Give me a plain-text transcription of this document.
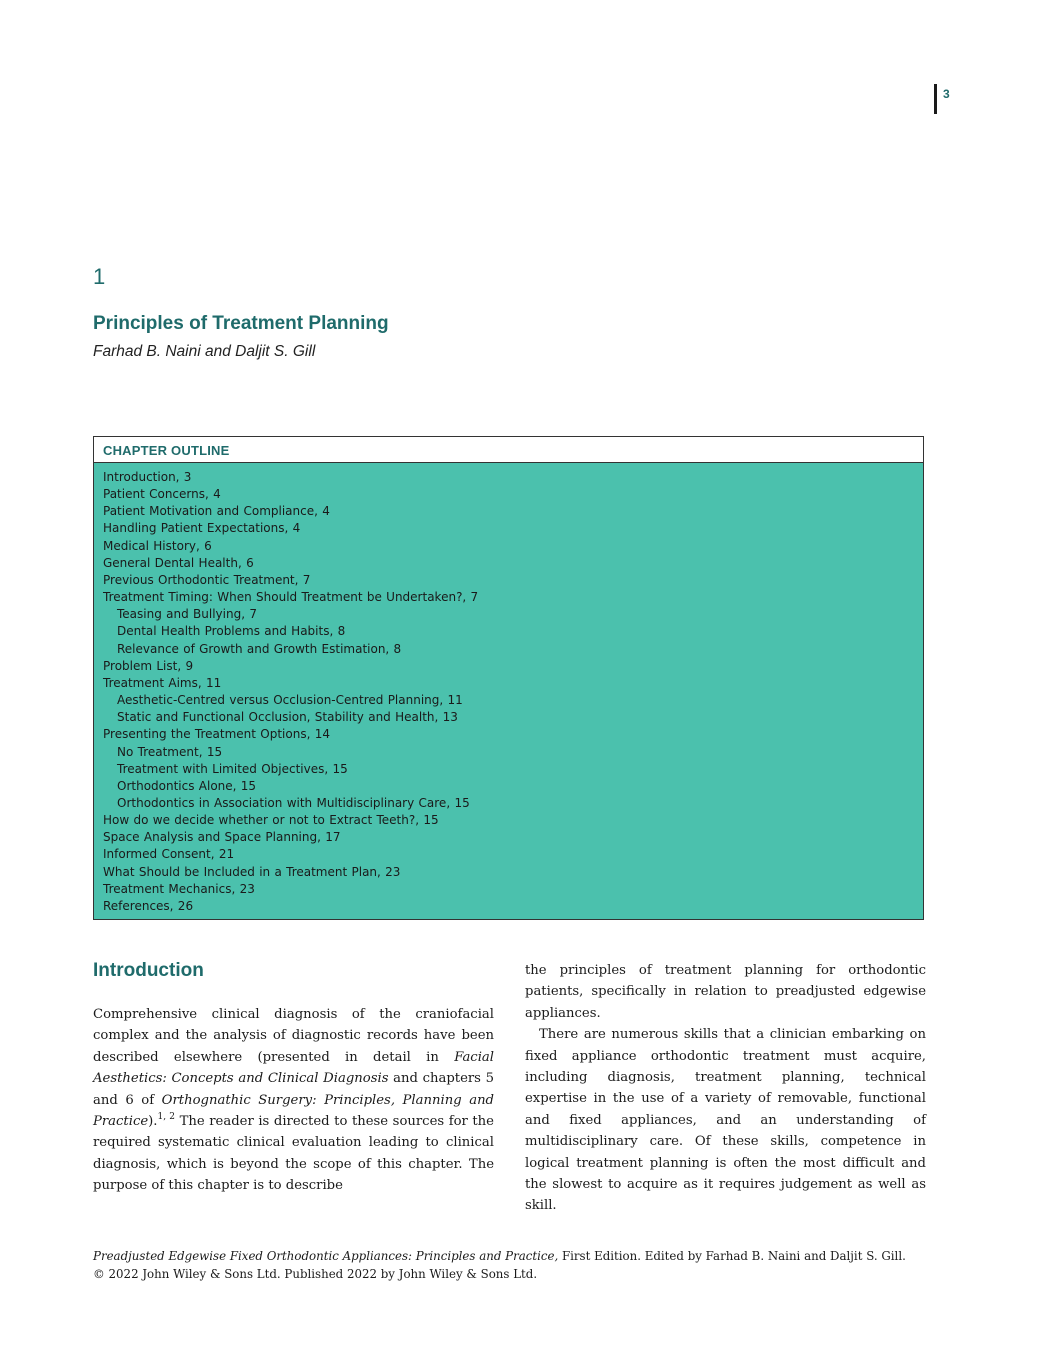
3
1
Principles of Treatment Planning
Farhad B. Naini and Daljit S. Gill
CHAPTER OUTLINE
Introduction, 3
Patient Concerns, 4
Patient Motivation and Compliance, 4
Handling Patient Expectations, 4
Medical History, 6
General Dental Health, 6
Previous Orthodontic Treatment, 7
Treatment Timing: When Should Treatment be Undertaken?, 7
Teasing and Bullying, 7
Dental Health Problems and Habits, 8
Relevance of Growth and Growth Estimation, 8
Problem List, 9
Treatment Aims, 11
Aesthetic-Centred versus Occlusion-Centred Planning, 11
Static and Functional Occlusion, Stability and Health, 13
Presenting the Treatment Options, 14
No Treatment, 15
Treatment with Limited Objectives, 15
Orthodontics Alone, 15
Orthodontics in Association with Multidisciplinary Care, 15
How do we decide whether or not to Extract Teeth?, 15
Space Analysis and Space Planning, 17
Informed Consent, 21
What Should be Included in a Treatment Plan, 23
Treatment Mechanics, 23
References, 26
Introduction

Comprehensive clinical diagnosis of the craniofacial complex and the analysis of diagnostic records have been described elsewhere (presented in detail in Facial Aesthetics: Concepts and Clinical Diagnosis and chapters 5 and 6 of Orthognathic Surgery: Principles, Planning and Practice).$^{1, 2}$ The reader is directed to these sources for the required systematic clinical evaluation leading to clinical diagnosis, which is beyond the scope of this chapter. The purpose of this chapter is to describe

the principles of treatment planning for orthodontic patients, specifically in relation to preadjusted edgewise appliances.

There are numerous skills that a clinician embarking on fixed appliance orthodontic treatment must acquire, including diagnosis, treatment planning, technical expertise in the use of a variety of removable, functional and fixed appliances, and an understanding of multidisciplinary care. Of these skills, competence in logical treatment planning is often the most difficult and the slowest to acquire as it requires judgement as well as skill.

Preadjusted Edgewise Fixed Orthodontic Appliances: Principles and Practice, First Edition. Edited by Farhad B. Naini and Daljit S. Gill.

© 2022 John Wiley & Sons Ltd. Published 2022 by John Wiley & Sons Ltd.
